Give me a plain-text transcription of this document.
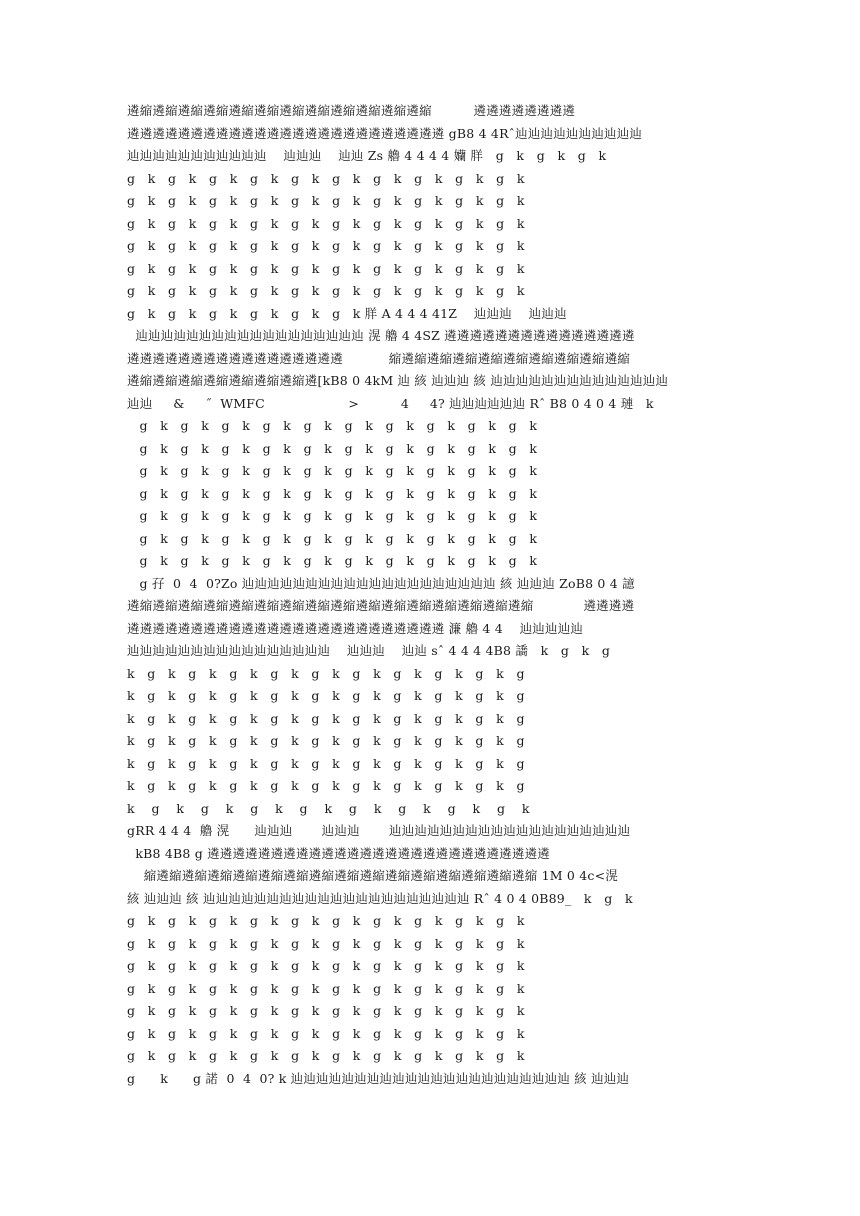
遴縮遴縮遴縮遴縮遴縮遴縮遴縮遴縮遴縮遴縮遴縮遴縮          遴遴遴遴遴遴遴遴
遴遴遴遴遴遴遴遴遴遴遴遴遴遴遴遴遴遴遴遴遴遴遴遴遴 gB8 4 4Rˆ辿辿辿辿辿辿辿辿辿辿
辿辿辿辿辿辿辿辿辿辿辿    辿辿辿    辿辿 Zs 艪 4 4 4 4 孏 羘   g   k   g   k   g   k
g   k   g   k   g   k   g   k   g   k   g   k   g   k   g   k   g   k   g   k
g   k   g   k   g   k   g   k   g   k   g   k   g   k   g   k   g   k   g   k
g   k   g   k   g   k   g   k   g   k   g   k   g   k   g   k   g   k   g   k
g   k   g   k   g   k   g   k   g   k   g   k   g   k   g   k   g   k   g   k
g   k   g   k   g   k   g   k   g   k   g   k   g   k   g   k   g   k   g   k
g   k   g   k   g   k   g   k   g   k   g   k   g   k   g   k   g   k   g   k
g   k   g   k   g   k   g   k   g   k   g   k 羘 A 4 4 4 41Z    辿辿辿    辿辿辿
辿辿辿辿辿辿辿辿辿辿辿辿辿辿辿辿辿辿 滉 艪 4 4SZ 遴遴遴遴遴遴遴遴遴遴遴遴遴遴遴
遴遴遴遴遴遴遴遴遴遴遴遴遴遴遴遴遴           縮遴縮遴縮遴縮遴縮遴縮遴縮遴縮遴縮遴縮
遴縮遴縮遴縮遴縮遴縮遴縮遴縮遴[kB8 0 4kM 辿 絯 辿辿辿 絯 辿辿辿辿辿辿辿辿辿辿辿辿辿辿
辿辿     &     ˝  WMFC                    >          4     4? 辿辿辿辿辿辿 Rˆ B8 0 4 0 4 璉   k
g   k   g   k   g   k   g   k   g   k   g   k   g   k   g   k   g   k   g   k
g   k   g   k   g   k   g   k   g   k   g   k   g   k   g   k   g   k   g   k
g   k   g   k   g   k   g   k   g   k   g   k   g   k   g   k   g   k   g   k
g   k   g   k   g   k   g   k   g   k   g   k   g   k   g   k   g   k   g   k
g   k   g   k   g   k   g   k   g   k   g   k   g   k   g   k   g   k   g   k
g   k   g   k   g   k   g   k   g   k   g   k   g   k   g   k   g   k   g   k
g   k   g   k   g   k   g   k   g   k   g   k   g   k   g   k   g   k   g   k
g 孖  0  4  0?Zo 辿辿辿辿辿辿辿辿辿辿辿辿辿辿辿辿辿辿辿辿 絯 辿辿辿 ZoB8 0 4 譩
遴縮遴縮遴縮遴縮遴縮遴縮遴縮遴縮遴縮遴縮遴縮遴縮遴縮遴縮遴縮遴縮            遴遴遴遴
遴遴遴遴遴遴遴遴遴遴遴遴遴遴遴遴遴遴遴遴遴遴遴遴遴 濂 艪 4 4    辿辿辿辿辿
辿辿辿辿辿辿辿辿辿辿辿辿辿辿辿辿    辿辿辿    辿辿 sˆ 4 4 4 4B8 譑   k   g   k   g
k   g   k   g   k   g   k   g   k   g   k   g   k   g   k   g   k   g   k   g
k   g   k   g   k   g   k   g   k   g   k   g   k   g   k   g   k   g   k   g
k   g   k   g   k   g   k   g   k   g   k   g   k   g   k   g   k   g   k   g
k   g   k   g   k   g   k   g   k   g   k   g   k   g   k   g   k   g   k   g
k   g   k   g   k   g   k   g   k   g   k   g   k   g   k   g   k   g   k   g
k   g   k   g   k   g   k   g   k   g   k   g   k   g   k   g   k   g   k   g
k    g    k    g    k    g    k    g    k    g    k    g    k    g    k    g    k
gRR 4 4 4  艪 滉      辿辿辿       辿辿辿       辿辿辿辿辿辿辿辿辿辿辿辿辿辿辿辿辿辿辿
kB8 4B8 g 遴遴遴遴遴遴遴遴遴遴遴遴遴遴遴遴遴遴遴遴遴遴遴遴遴遴遴
縮遴縮遴縮遴縮遴縮遴縮遴縮遴縮遴縮遴縮遴縮遴縮遴縮遴縮遴縮遴縮 1M 0 4c<滉
絯 辿辿辿 絯 辿辿辿辿辿辿辿辿辿辿辿辿辿辿辿辿辿辿辿辿辿 Rˆ 4 0 4 0B89_   k   g   k
g   k   g   k   g   k   g   k   g   k   g   k   g   k   g   k   g   k   g   k
g   k   g   k   g   k   g   k   g   k   g   k   g   k   g   k   g   k   g   k
g   k   g   k   g   k   g   k   g   k   g   k   g   k   g   k   g   k   g   k
g   k   g   k   g   k   g   k   g   k   g   k   g   k   g   k   g   k   g   k
g   k   g   k   g   k   g   k   g   k   g   k   g   k   g   k   g   k   g   k
g   k   g   k   g   k   g   k   g   k   g   k   g   k   g   k   g   k   g   k
g   k   g   k   g   k   g   k   g   k   g   k   g   k   g   k   g   k   g   k
g      k      g 諾  0  4  0? k 辿辿辿辿辿辿辿辿辿辿辿辿辿辿辿辿辿辿辿辿辿辿 絯 辿辿辿
